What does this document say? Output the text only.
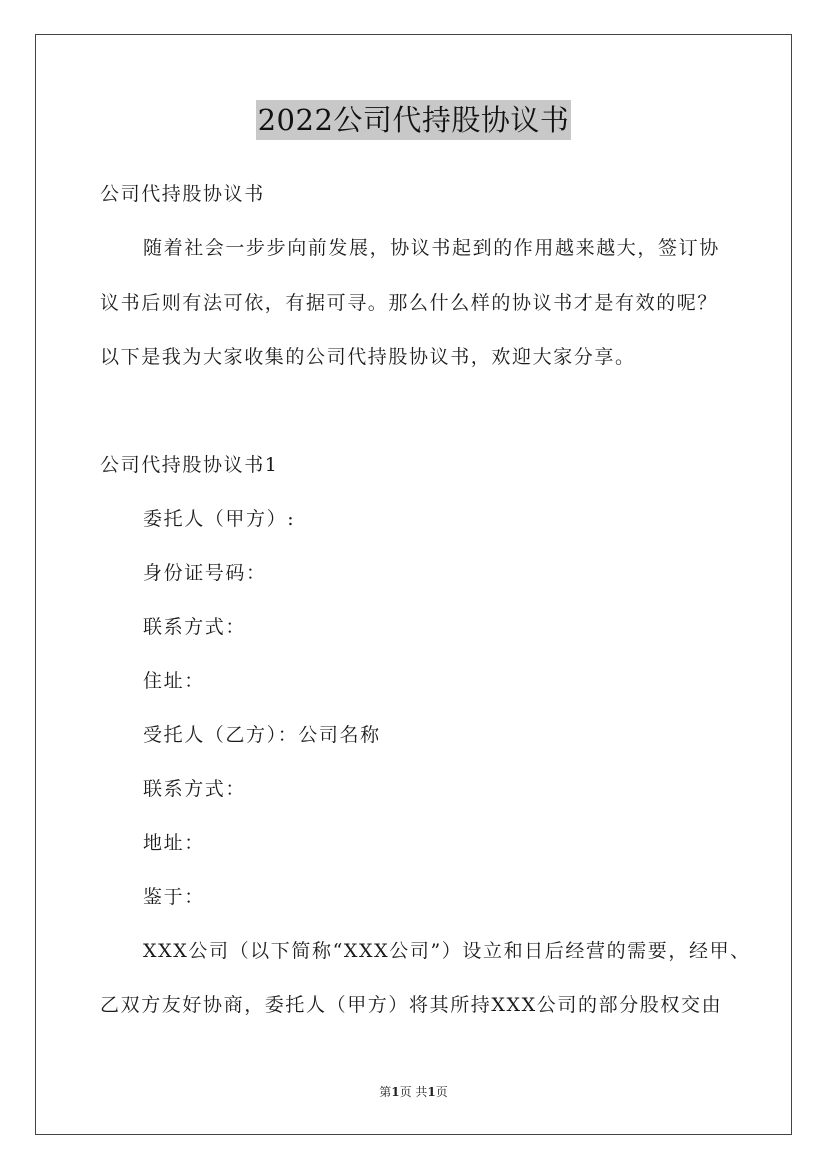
2022公司代持股协议书
公司代持股协议书
随着社会一步步向前发展，协议书起到的作用越来越大，签订协
议书后则有法可依，有据可寻。那么什么样的协议书才是有效的呢？
以下是我为大家收集的公司代持股协议书，欢迎大家分享。
公司代持股协议书1
委托人（甲方）:
身份证号码：
联系方式：
住址：
受托人（乙方）：公司名称
联系方式：
地址：
鉴于：
XXX公司（以下简称“XXX公司”）设立和日后经营的需要，经甲、
乙双方友好协商，委托人（甲方）将其所持XXX公司的部分股权交由
第1页 共1页
